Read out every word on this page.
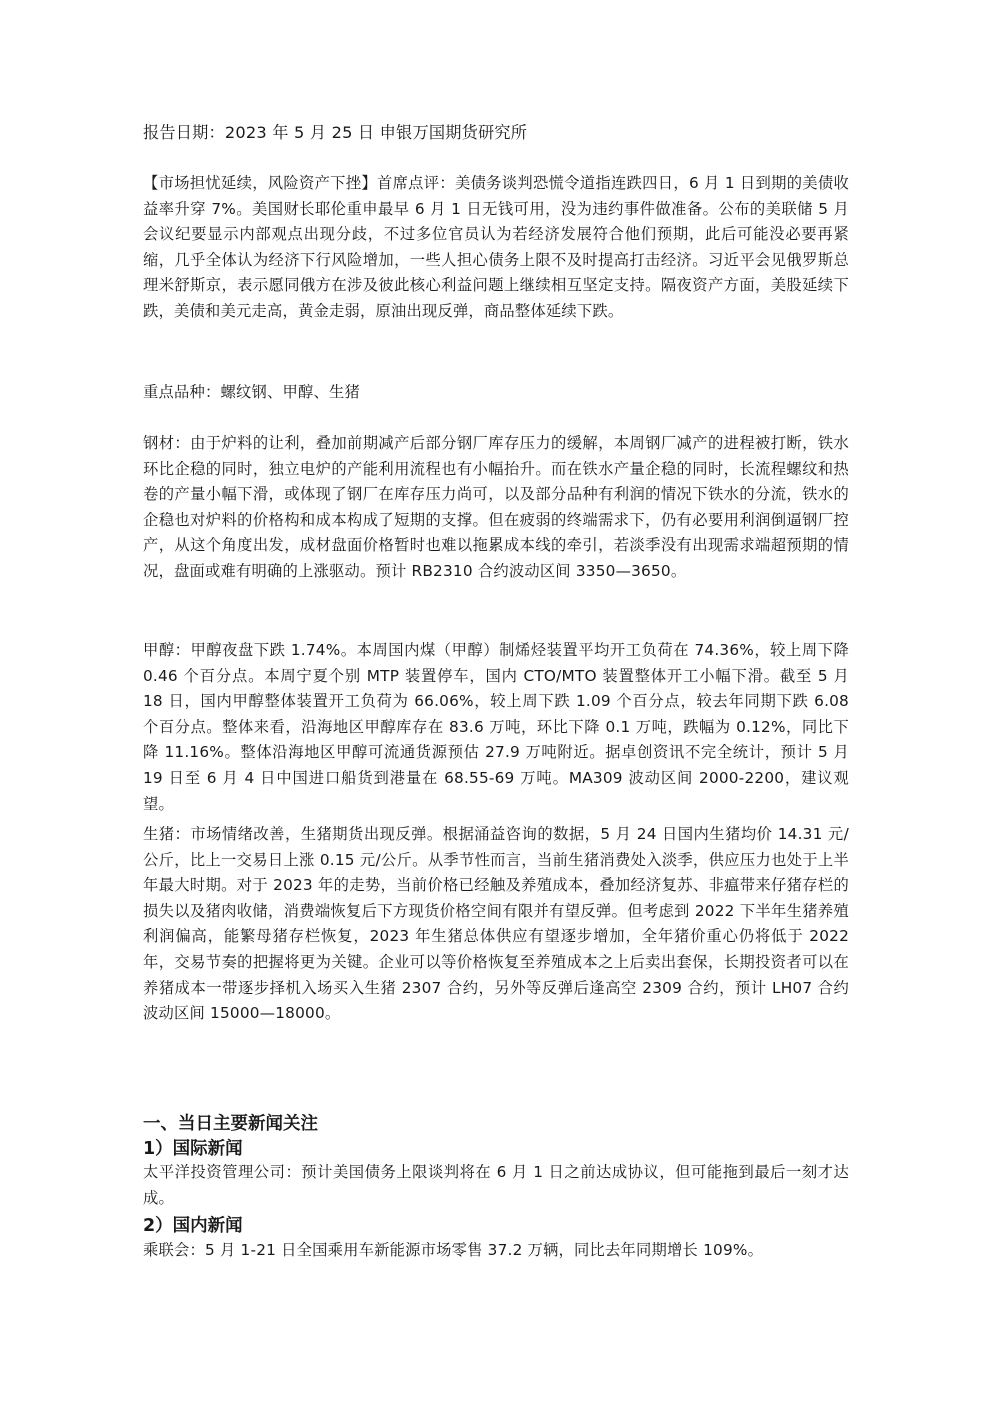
报告日期：2023 年 5 月 25 日 申银万国期货研究所

【市场担忧延续，风险资产下挫】首席点评：美债务谈判恐慌令道指连跌四日，6 月 1 日到期的美债收益率升穿 7%。美国财长耶伦重申最早 6 月 1 日无钱可用，没为违约事件做准备。公布的美联储 5 月会议纪要显示内部观点出现分歧，不过多位官员认为若经济发展符合他们预期，此后可能没必要再紧缩，几乎全体认为经济下行风险增加，一些人担心债务上限不及时提高打击经济。习近平会见俄罗斯总理米舒斯京，表示愿同俄方在涉及彼此核心利益问题上继续相互坚定支持。隔夜资产方面，美股延续下跌，美债和美元走高，黄金走弱，原油出现反弹，商品整体延续下跌。

重点品种：螺纹钢、甲醇、生猪

钢材：由于炉料的让利，叠加前期减产后部分钢厂库存压力的缓解，本周钢厂减产的进程被打断，铁水环比企稳的同时，独立电炉的产能利用流程也有小幅抬升。而在铁水产量企稳的同时，长流程螺纹和热卷的产量小幅下滑，或体现了钢厂在库存压力尚可，以及部分品种有利润的情况下铁水的分流，铁水的企稳也对炉料的价格构和成本构成了短期的支撑。但在疲弱的终端需求下，仍有必要用利润倒逼钢厂控产，从这个角度出发，成材盘面价格暂时也难以拖累成本线的牵引，若淡季没有出现需求端超预期的情况，盘面或难有明确的上涨驱动。预计 RB2310 合约波动区间 3350—3650。

甲醇：甲醇夜盘下跌 1.74%。本周国内煤（甲醇）制烯烃装置平均开工负荷在 74.36%，较上周下降 0.46 个百分点。本周宁夏个别 MTP 装置停车，国内 CTO/MTO 装置整体开工小幅下滑。截至 5 月 18 日，国内甲醇整体装置开工负荷为 66.06%，较上周下跌 1.09 个百分点，较去年同期下跌 6.08 个百分点。整体来看，沿海地区甲醇库存在 83.6 万吨，环比下降 0.1 万吨，跌幅为 0.12%，同比下降 11.16%。整体沿海地区甲醇可流通货源预估 27.9 万吨附近。据卓创资讯不完全统计，预计 5 月 19 日至 6 月 4 日中国进口船货到港量在 68.55-69 万吨。MA309 波动区间 2000-2200，建议观望。

生猪：市场情绪改善，生猪期货出现反弹。根据涌益咨询的数据，5 月 24 日国内生猪均价 14.31 元/公斤，比上一交易日上涨 0.15 元/公斤。从季节性而言，当前生猪消费处入淡季，供应压力也处于上半年最大时期。对于 2023 年的走势，当前价格已经触及养殖成本，叠加经济复苏、非瘟带来仔猪存栏的损失以及猪肉收储，消费端恢复后下方现货价格空间有限并有望反弹。但考虑到 2022 下半年生猪养殖利润偏高，能繁母猪存栏恢复，2023 年生猪总体供应有望逐步增加，全年猪价重心仍将低于 2022 年，交易节奏的把握将更为关键。企业可以等价格恢复至养殖成本之上后卖出套保，长期投资者可以在养猪成本一带逐步择机入场买入生猪 2307 合约，另外等反弹后逢高空 2309 合约，预计 LH07 合约波动区间 15000—18000。

一、当日主要新闻关注
1）国际新闻

太平洋投资管理公司：预计美国债务上限谈判将在 6 月 1 日之前达成协议，但可能拖到最后一刻才达成。

2）国内新闻

乘联会：5 月 1-21 日全国乘用车新能源市场零售 37.2 万辆，同比去年同期增长 109%。
